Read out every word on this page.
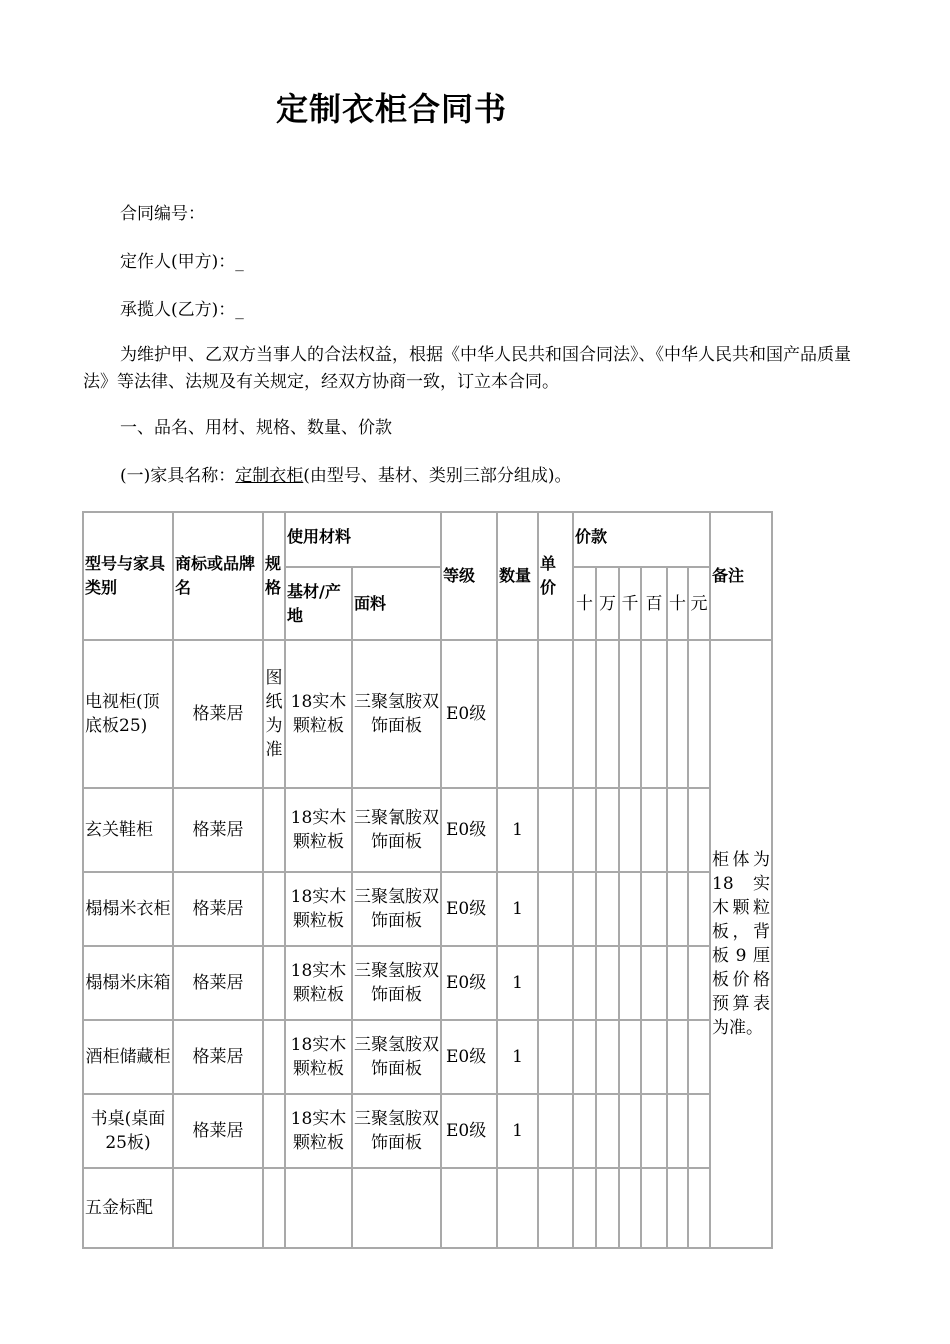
定制衣柜合同书
合同编号：
定作人(甲方)：_
承揽人(乙方)：_
为维护甲、乙双方当事人的合法权益，根据《中华人民共和国合同法》、《中华人民共和国产品质量法》等法律、法规及有关规定，经双方协商一致，订立本合同。
一、品名、用材、规格、数量、价款
(一)家具名称：定制衣柜(由型号、基材、类别三部分组成)。
型号与家具类别	商标或品牌名	规格	使用材料		等级	数量	单价	价款						备注
			基材/产地	面料				十	万	千	百	十	元	
电视柜(顶底板25)	格莱居	图纸为准	18实木颗粒板	三聚氢胺双饰面板	E0级									柜体为18 实木颗粒板，背板9厘板价格预算表为准。
玄关鞋柜	格莱居		18实木颗粒板	三聚氰胺双饰面板	E0级	1								
榻榻米衣柜	格莱居		18实木颗粒板	三聚氢胺双饰面板	E0级	1								
榻榻米床箱	格莱居		18实木颗粒板	三聚氢胺双饰面板	E0级	1								
酒柜储藏柜	格莱居		18实木颗粒板	三聚氢胺双饰面板	E0级	1								
书桌(桌面25板)	格莱居		18实木颗粒板	三聚氢胺双饰面板	E0级	1								
五金标配														
